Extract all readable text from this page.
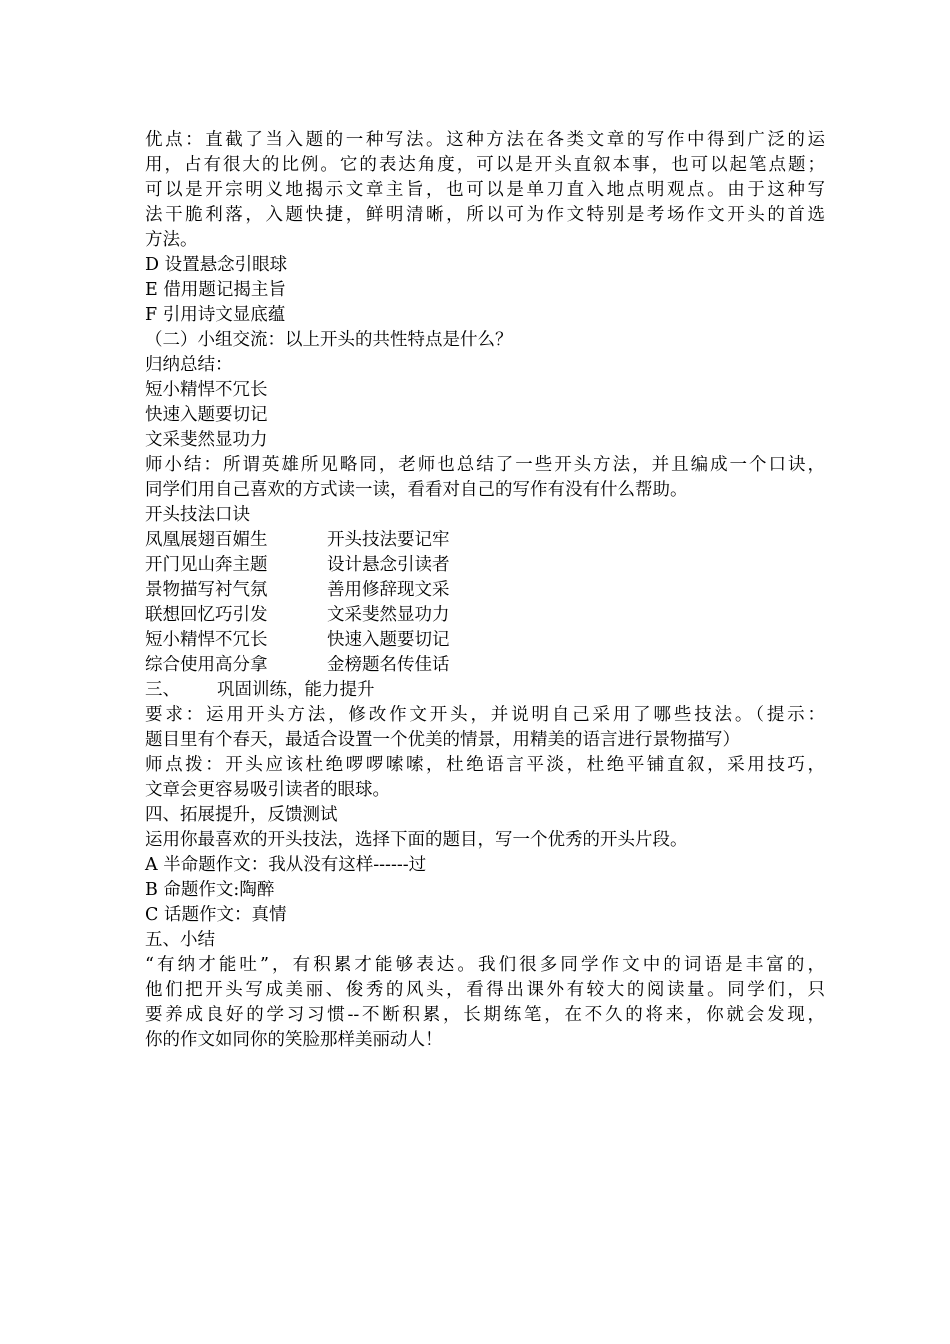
优点：直截了当入题的一种写法。这种方法在各类文章的写作中得到广泛的运
用，占有很大的比例。它的表达角度，可以是开头直叙本事，也可以起笔点题；
可以是开宗明义地揭示文章主旨，也可以是单刀直入地点明观点。由于这种写
法干脆利落，入题快捷，鲜明清晰，所以可为作文特别是考场作文开头的首选
方法。
D 设置悬念引眼球
E 借用题记揭主旨
F 引用诗文显底蕴
（二）小组交流：以上开头的共性特点是什么？
归纳总结：
短小精悍不冗长
快速入题要切记
文采斐然显功力
师小结：所谓英雄所见略同，老师也总结了一些开头方法，并且编成一个口诀，
同学们用自己喜欢的方式读一读，看看对自己的写作有没有什么帮助。
开头技法口诀
凤凰展翅百媚生	开头技法要记牢
开门见山奔主题	设计悬念引读者
景物描写衬气氛	善用修辞现文采
联想回忆巧引发	文采斐然显功力
短小精悍不冗长	快速入题要切记
综合使用高分拿	金榜题名传佳话
三、	巩固训练，能力提升
要求：运用开头方法，修改作文开头，并说明自己采用了哪些技法。（提示：
题目里有个春天，最适合设置一个优美的情景，用精美的语言进行景物描写）
师点拨：开头应该杜绝啰啰嗦嗦，杜绝语言平淡，杜绝平铺直叙，采用技巧，
文章会更容易吸引读者的眼球。
四、拓展提升，反馈测试
运用你最喜欢的开头技法，选择下面的题目，写一个优秀的开头片段。
A 半命题作文：我从没有这样------过
B 命题作文:陶醉
C 话题作文：真情
五、小结
“有纳才能吐”，有积累才能够表达。我们很多同学作文中的词语是丰富的，
他们把开头写成美丽、俊秀的风头，看得出课外有较大的阅读量。同学们，只
要养成良好的学习习惯--不断积累，长期练笔，在不久的将来，你就会发现，
你的作文如同你的笑脸那样美丽动人！
